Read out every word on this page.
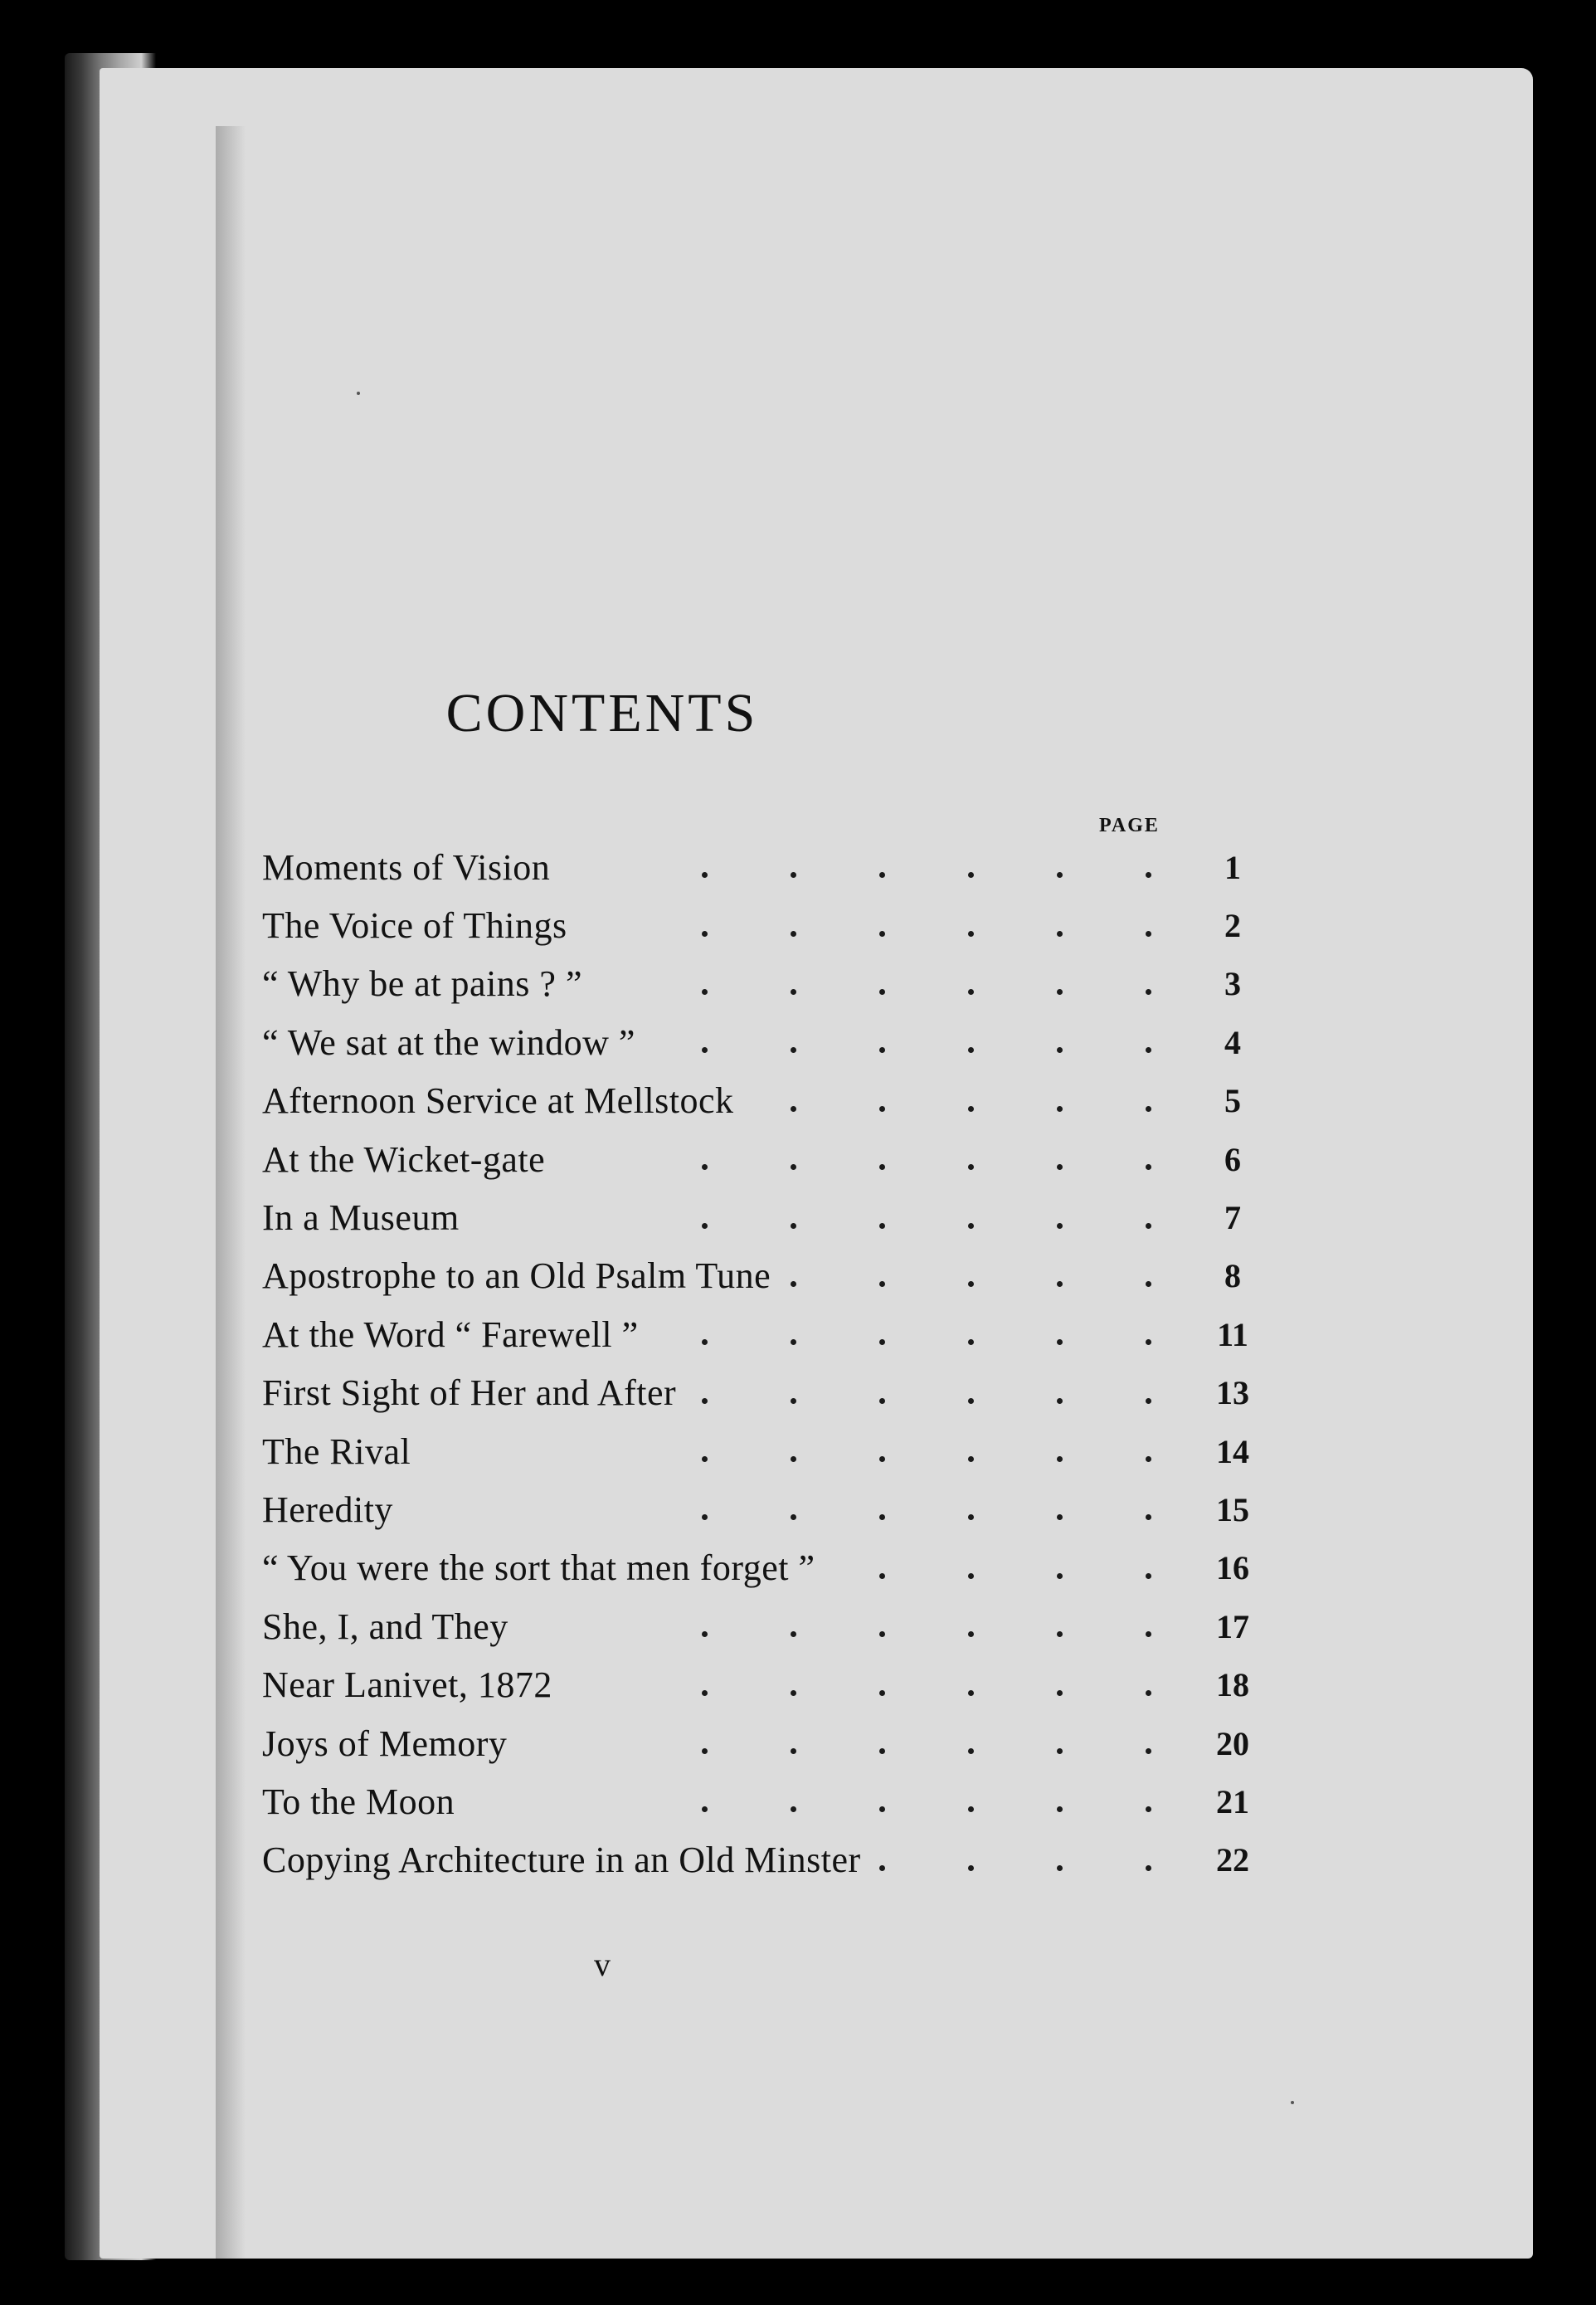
CONTENTS
PAGE
Moments of Vision	1
The Voice of Things	2
“ Why be at pains ? ”	3
“ We sat at the window ”	4
Afternoon Service at Mellstock	5
At the Wicket-gate	6
In a Museum	7
Apostrophe to an Old Psalm Tune	8
At the Word “ Farewell ”	11
First Sight of Her and After	13
The Rival	14
Heredity	15
“ You were the sort that men forget ”	16
She, I, and They	17
Near Lanivet, 1872	18
Joys of Memory	20
To the Moon	21
Copying Architecture in an Old Minster	22
v
